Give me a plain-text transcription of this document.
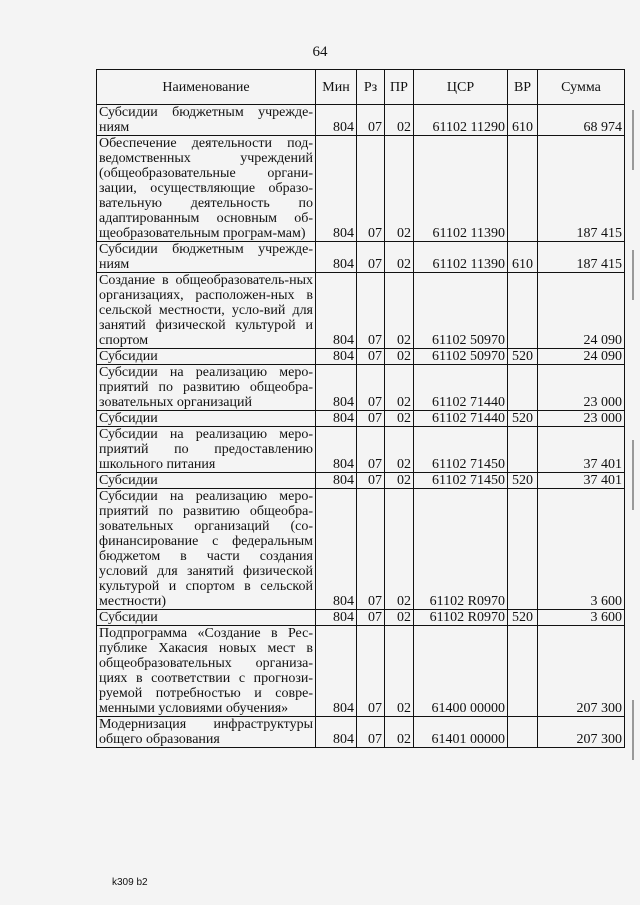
64
Наименование	Мин	Рз	ПР	ЦСР	ВР	Сумма
Субсидии бюджетным учрежде-ниям	804	07	02	61102 11290	610	68 974
Обеспечение деятельности под-ведомственных учреждений (общеобразовательные органи-зации, осуществляющие образо-вательную деятельность по адаптированным основным об-щеобразовательным програм-мам)	804	07	02	61102 11390		187 415
Субсидии бюджетным учрежде-ниям	804	07	02	61102 11390	610	187 415
Создание в общеобразователь-ных организациях, расположен-ных в сельской местности, усло-вий для занятий физической культурой и спортом	804	07	02	61102 50970		24 090
Субсидии	804	07	02	61102 50970	520	24 090
Субсидии на реализацию меро-приятий по развитию общеобра-зовательных организаций	804	07	02	61102 71440		23 000
Субсидии	804	07	02	61102 71440	520	23 000
Субсидии на реализацию меро-приятий по предоставлению школьного питания	804	07	02	61102 71450		37 401
Субсидии	804	07	02	61102 71450	520	37 401
Субсидии на реализацию меро-приятий по развитию общеобра-зовательных организаций (со-финансирование с федеральным бюджетом в части создания условий для занятий физической культурой и спортом в сельской местности)	804	07	02	61102 R0970		3 600
Субсидии	804	07	02	61102 R0970	520	3 600
Подпрограмма «Создание в Рес-публике Хакасия новых мест в общеобразовательных организа-циях в соответствии с прогнози-руемой потребностью и совре-менными условиями обучения»	804	07	02	61400 00000		207 300
Модернизация инфраструктуры общего образования	804	07	02	61401 00000		207 300
k309 b2
